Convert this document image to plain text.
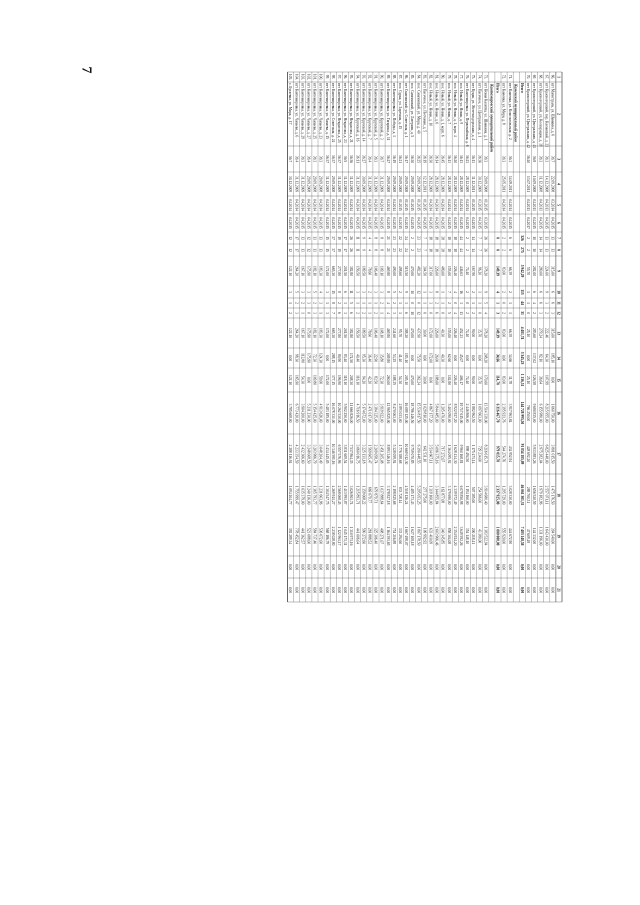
7
1
2
3
4
5
6
7
8
9
10
11
12
13
14
15
16
17
18
19
20
21
66.
пгт Магистраль, ул. Шамкина, д. 6
36:7
22.09.2008
03.2014
04.2015
13
13
315,00
6
6
3
315,00
185,10
0,00
1 660 750,00
3 801 015,50
1 475 176,50
394 540,00
0,00
0,00
67.
пгт Красногорский, пер. Касимский, д. 23
36:3
14.12.2008
04.2013
04.2015
13
13
224,00
9
3
2
222,46
64,30
107,99
8 215 955,00
6 825 448,00
2 557 071,11
1 643 430,00
0,00
0,00
68.
пгт Красногорский, ул. Кооперации, д. 39
36:3
11.12.2008
04.2013
04.2015
14
14
280,00
6
6
3
279,24
82,10
36,64
6 155 980,00
2 975 282,04
1 979 182,96
1 331 196,00
0,00
0,00
69.
пгт Красногорский, ул. Центральная, д. 41
36:8
10.09.2008
04.2013
04.2015
10
10
282,00
6
4
2
283,60
137,02
126,58
9 680 835,00
5 933 883,26
1 656 520,59
144 332,00
0,00
0,00
70.
пгт Красногорский, ул. Центральная, д. 42
36:20
13.07.2011
04.2013
04.2017
2
2
55,70
1
1
0
25,10
0,00
25,10
766 250,00
428 692,20
288 700,31
47 609,49
0,00
0,00
Итого
326
275
5 942,29
113
44
31
4 481,74
3 345,23
1 136,51
144 728 995,50
91 854 185,09
46 061 301,31
7 403 148,58
0,00
0,00
Каменский муниципальный район
71.
пгт Каменка, ул. Комсомольская, д. 2
36:3
14.09.2011
04.2014
04.2015
6
6
66,39
2
1
1
66,39
34,66
31,78
3 917 963,84
434 952,94
3 028 330,00
444 672,90
0,00
0,00
72.
пгт Каменка, ул. Мира, д. 8
36:3
25.05.2011
04.2014
04.2015
2
2
83,00
2
0
2
83,00
0,00
83,00
2 395 921,76
544 274,76
1 295 729,00
555 920,00
0,00
0,00
Итого
8
8
149,39
4
1
3
149,39
34,66
114,78
6 316 467,70
979 015,70
2 337 925,00
1 000 000,00
0,00
0,00
Кантемировский муниципальный район
73.
пгт Новая Калитва, ул. Шамкина, д. 1
36:3
29.09.2008
01.2015
03.2015
36
36
378,20
9
5
4
378,20
208,20
170,00
13 514 339,00
8 216 615,71
3 914 680,40
1 383 522,94
0,00
0,00
74.
пгт Пасечное, ул. Центральная, д. 1
36:36
30.12.2009
03.2015
04.2015
7
7
96,20
1
1
0
35,70
0,00
35,70
1 097 663,00
729 234,00
254 566,00
43 380,00
0,00
0,00
75.
пгт Куцая, ул. Железнодорожная, д. 4
36:13
31.12.2011
01.2015
04.2015
14
14
167,90
2
1
2
90,00
0,00
90,00
1 882 962,50
1 175 471,14
507 385,00
200 218,41
0,00
0,00
76.
пгт Кантемировка, ул. Первомайская, д. 6
36:23
28.12.2009
04.2014
04.2015
2
2
74,40
2
0
2
74,40
0,00
74,40
2 446 806,00
898 494,50
1 194 160,00
354 148,10
0,00
0,00
77.
пос. Новый, ул. Новая, д. 9
36:13
28.12.2009
04.2014
04.2015
44
44
446,63
16
3
13
452,23
45,07
406,17
19 717 615,00
9 960 168,81
6 078 850,98
3 649 592,26
0,00
0,00
78.
пос. Новый, ул. Новая, д. 1, корп. 4
36:20
28.12.2009
04.2014
04.2015
18
18
226,40
4
0
4
226,40
0,00
226,40
8 922 927,20
1 628 434,30
4 339 972,49
2 354 924,20
0,00
0,00
79.
пос. Новый, ул. Новая, д. 7
36:13
28.12.2009
04.2014
04.2015
18
18
155,00
7
2
5
155,00
62,60
102,80
5 402 090,00
1 364 095,92
3 179 690,00
858 304,08
0,00
0,00
80.
пос. Новый, ул. Новая, д. 1, корп. 6
36:45
28.12.2009
04.2014
04.2015
38
38
480,00
1
1
0
40,30
40,30
0,00
1 205 470,00
717 272,07
162 877,08
340 345,85
0,00
0,00
81.
пос. Новый, ул. Новая, д. 6
36:14
28.12.2009
04.2014
04.2015
18
18
226,00
8
2
6
226,00
26,00
188,00
5 844 485,00
5 096 375,16
3 144 855,84
2 603 966,46
0,00
0,00
82.
пос. Новый, ул. Новая, д. 10
36:30
28.12.2009
04.2014
04.2015
18
18
317,00
3
3
0
172,00
172,00
0,00
4 867 177,20
3 514 607,11
1 319 160,00
633 410,09
0,00
0,00
83.
пгт Пасечное, ул. Песчаная, д. 5
36:19
12.12.2011
01.2015
04.2015
7
7
304,50
1
1
0
30,00
0,00
30,00
1 029 810,00
642 531,10
277 275,00
109 992,92
0,00
0,00
84.
пос. Смагинский, ул. Мира, д. 40
36:25
29.09.2008
01.2015
04.2015
23
23
482,20
12
0
12
437,90
75,50
362,24
15 534 817,50
6 390 448,55
5 295 053,25
1 807 178,50
0,00
0,00
85.
пос. Смагинский, ул. Лагерная, д. 5
36:30
29.09.2008
01.2015
04.2015
2
2
470,00
10
0
10
470,00
0,00
470,00
18 786 446,50
9 759 070,85
4 485 173,43
1 627 108,18
0,00
0,00
86.
пгт Смагинский, ул. Советская, д. 1
36:17
29.09.2008
01.2015
04.2015
24
24
515,50
9
3
6
388,20
183,10
205,10
16 089 125,00
10 669 012,30
4 518 126,24
1 667 498,07
0,00
0,00
87.
пос. Сурка, ул. Заречная, д. 15
36:21
29.09.2008
01.2015
04.2015
22
22
498,60
2
1
1
95,70
41,40
54,30
2 893 033,00
1 776 388,68
833 728,14
333 294,60
0,00
0,00
88.
пгт Кантемировка, ул. Победы, д. 1
36:19
29.09.2008
04.2014
04.2015
23
23
490,00
5
2
3
241,60
53,25
188,35
8 470 063,00
5 328 059,94
2 198 825,68
751 216,88
0,00
0,00
89.
пгт Кантемировка, ул. Гагарина, д. 11
36:27
29.09.2008
04.2014
04.2015
21
21
469,80
8
4
4
469,80
209,80
260,00
12 965 825,00
8 893 346,16
3 178 827,18
1 164 391,65
0,00
0,00
90.
пгт Кантемировка, ул. Крупской, д. 3
36:7
31.12.2009
04.2014
04.2015
8
8
109,10
3
2
1
108,10
35,80
72,30
3 919 922,00
2 451 205,08
1 037 888,64
408 271,07
0,00
0,00
91.
пгт Кантемировка, ул. Крупской, д. 5
36:3
31.12.2009
04.2014
04.2015
8
8
106,40
3
1
2
106,40
22,90
83,50
3 384 325,00
2 209 058,74
679 879,71
325 306,40
0,00
0,00
92.
пгт Кантемировка, ул. Крупской, д. 7
36:4
31.12.2009
04.2014
04.2015
4
4
78,60
2
1
1
78,60
36,40
42,20
2 471 017,00
1 569 605,47
669 079,77
281 888,52
0,00
0,00
93.
пгт Кантемировка, ул. Крупской, д. 14
36:27
30.09.2008
04.2014
04.2015
9
9
189,50
3
1
2
189,50
95,30
94,20
5 174 672,00
3 225 131,18
1 359 068,22
590 272,60
0,00
0,00
94.
пгт Кантемировка, ул. Крупской, д. 16
36:11
31.12.2009
04.2014
04.2015
11
11
156,50
3
1
2
156,50
40,40
116,10
4 716 916,50
3 060 016,75
1 215 893,71
441 006,04
0,00
0,00
95.
пгт Кантемировка, ул. Некрасова, д. 21
36:36
31.12.2009
04.2014
04.2015
26
26
382,80
11
5
6
382,80
174,50
208,30
11 666 826,00
7 537 864,35
3 026 801,74
1 310 971,16
0,00
0,00
96.
пгт Кантемировка, ул. Некрасова, д. 23
36:5
31.12.2009
04.2014
04.2015
17
17
201,50
6
3
3
201,50
83,40
118,10
5 902 250,00
3 831 609,54
1 413 991,87
1 045 171,31
0,00
0,00
97.
пгт Кантемировка, ул. Некрасова, д. 25
36:37
31.12.2009
04.2014
04.2015
19
19
277,80
8
2
6
277,80
80,90
196,90
10 262 530,00
6 557 576,96
2 568 068,45
1 122 961,17
0,00
0,00
98.
пгт Кантемировка, ул. Советская, д. 24
36:37
29.09.2008
04.2014
04.2015
37
37
665,30
15
8
7
665,30
288,15
377,15
16 078 331,00
10 346 591,16
4 269 941,27
2 238 028,80
0,00
0,00
99.
пгт Кантемировка, ул. Чапаева, д. 15
36:37
31.12.2009
04.2014
04.2015
15
15
172,00
3
1
3
172,00
0,00
172,00
5 483 185,00
3 434 445,05
1 304 547,75
568 186,79
0,00
0,00
100.
пгт Кантемировка, ул. Чапаева, д. 23
36:3
29.09.2008
04.2014
04.2015
13
13
183,30
4
3
1
183,30
124,30
59,00
4 913 626,00
3 048 204,49
1 231 663,96
536 072,00
0,00
0,00
101.
пгт Кантемировка, ул. Чапаева, д. 25
36:3
29.09.2008
04.2014
04.2015
13
13
182,10
5
2
3
182,10
72,30
109,80
5 154 425,00
3 203 966,79
1 365 793,77
584 737,46
0,00
0,00
102.
пгт Кантемировка, ул. Чапаева, д. 27
36:4
29.09.2008
04.2014
04.2015
12
12
175,90
3
3
0
175,90
175,90
0,00
5 211 230,00
3 248 008,50
1 240 136,00
523 088,00
0,00
0,00
103.
пгт Кантемировка, ул. Чапаева, д. 29
36:3
31.12.2009
04.2014
04.2015
13
13
167,10
3
2
1
167,10
112,80
54,30
3 904 200,00
2 432 366,60
1 035 379,00
441 362,57
0,00
0,00
104.
пгт Кантемировка, ул. Чапаева, д. 6
36:4
31.12.2009
04.2014
04.2015
17
17
264,20
5
2
3
264,20
98,30
165,90
6 773 420,00
4 233 354,59
1 755 999,47
778 452,84
0,00
0,00
105.
с. Бугаевка, ул. Мира, д. 17
36:7
30.12.2009
04.2014
04.2015
12
12
122,10
3
1
2
122,10
0,00
122,10
3 785 608,00
2 288 116,94
1 094 204,77
392 289,34
0,00
0,00
